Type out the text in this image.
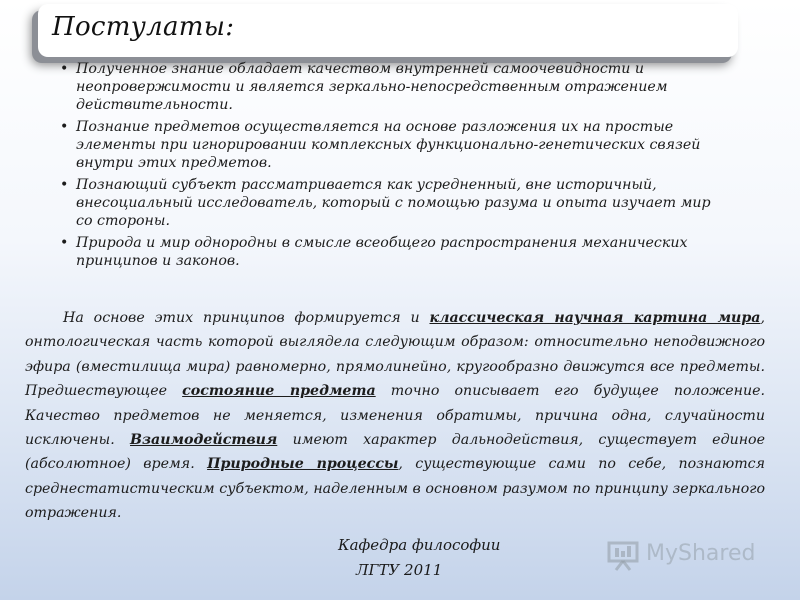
Постулаты:
• Полученное знание обладает качеством внутренней самоочевидности и неопровержимости и является зеркально-непосредственным отражением действительности.
• Познание предметов осуществляется на основе разложения их на простые элементы при игнорировании комплексных функционально-генетических связей внутри этих предметов.
• Познающий субъект рассматривается как усредненный, вне историчный, внесоциальный исследователь, который с помощью разума и опыта изучает мир со стороны.
• Природа и мир однородны в смысле всеобщего распространения механических принципов и законов.

На основе этих принципов формируется и классическая научная картина мира, онтологическая часть которой выглядела следующим образом: относительно неподвижного эфира (вместилища мира) равномерно, прямолинейно, кругообразно движутся все предметы. Предшествующее состояние предмета точно описывает его будущее положение. Качество предметов не меняется, изменения обратимы, причина одна, случайности исключены. Взаимодействия имеют характер дальнодействия, существует единое (абсолютное) время. Природные процессы, существующие сами по себе, познаются среднестатистическим субъектом, наделенным в основном разумом по принципу зеркального отражения.

Кафедра философии
ЛГТУ 2011
MyShared
